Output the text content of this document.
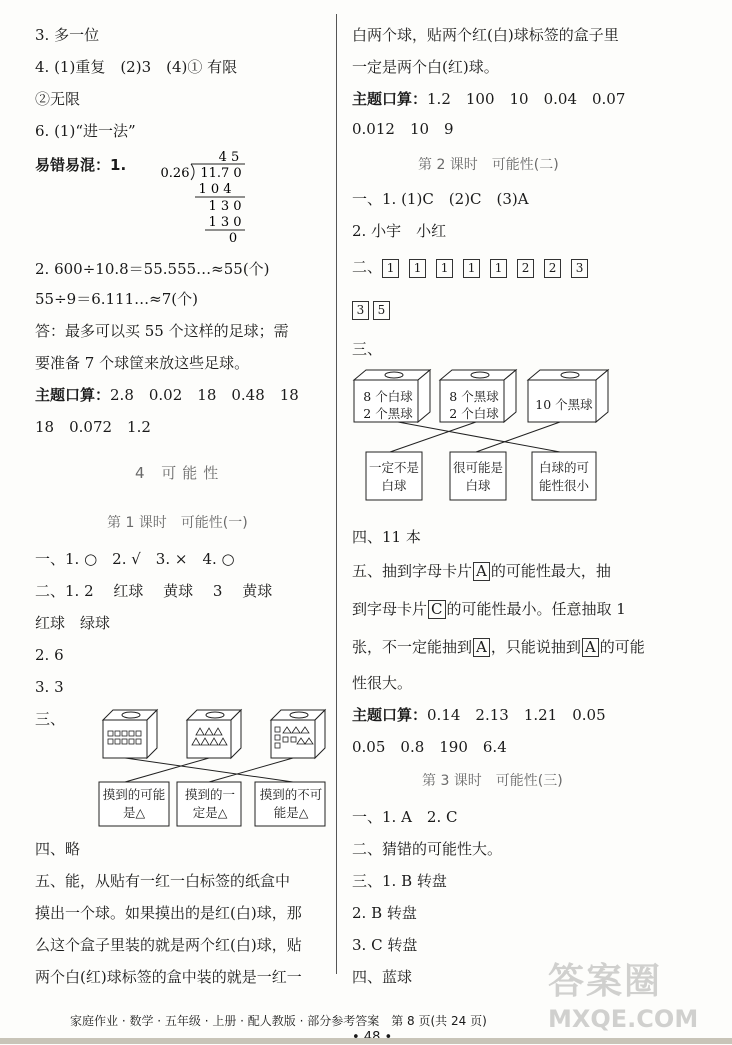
3. 多一位
4. (1)重复　(2)3　(4)① 有限
②无限
6. (1)“进一法”
易错易混：1.	4 5
0.26 11.7 0
1 0 4
1 3 0
1 3 0
0
2. 600÷10.8＝55.555…≈55(个)
55÷9＝6.111…≈7(个)
答：最多可以买 55 个这样的足球；需
要准备 7 个球筐来放这些足球。
主题口算：2.8　0.02　18　0.48　18
18　0.072　1.2
4 可能性
第 1 课时　可能性(一)
一、1. ○　2. √　3. ×　4. ○
二、1. 2　 红球　 黄球　 3　 黄球
红球　绿球
2. 6
3. 3
三、
摸到的可能是△
摸到的一定是△
摸到的不可能是△
四、略
五、能，从贴有一红一白标签的纸盒中
摸出一个球。如果摸出的是红(白)球，那
么这个盒子里装的就是两个红(白)球，贴
两个白(红)球标签的盒中装的就是一红一
白两个球，贴两个红(白)球标签的盒子里
一定是两个白(红)球。
主题口算：1.2　100　10　0.04　0.07
0.012　10　9
第 2 课时　可能性(二)
一、1. (1)C　(2)C　(3)A
2. 小宇　小红
二、 1 1 1 1 1 2 2 3
3 5
三、
8 个白球
2 个黑球
8 个黑球
2 个白球
10 个黑球
一定不是白球
很可能是白球
白球的可能性很小
四、11 本
五、抽到字母卡片 A 的可能性最大，抽
到字母卡片 C 的可能性最小。任意抽取 1
张，不一定能抽到 A ，只能说抽到 A 的可能
性很大。
主题口算：0.14　2.13　1.21　0.05
0.05　0.8　190　6.4
第 3 课时　可能性(三)
一、1. A　2. C
二、猜错的可能性大。
三、1. B 转盘
2. B 转盘
3. C 转盘
四、蓝球
家庭作业 · 数学 · 五年级 · 上册 · 配人教版 · 部分参考答案　第 8 页(共 24 页)
答案圈
MXQE.COM
